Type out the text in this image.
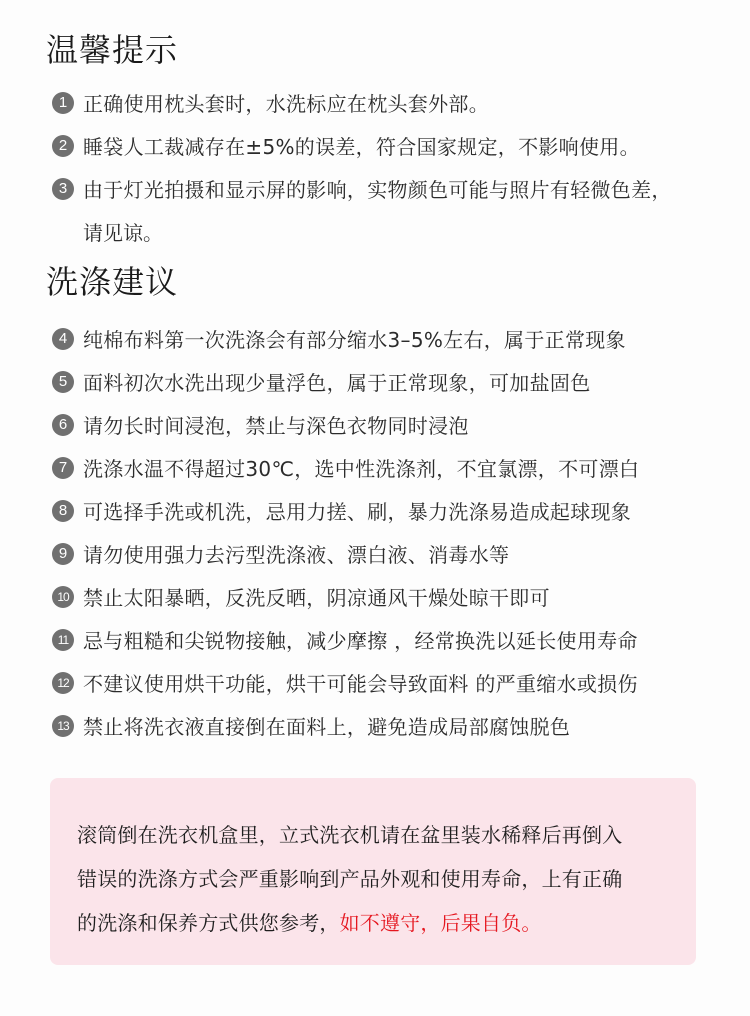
温馨提示
1 正确使用枕头套时，水洗标应在枕头套外部。
2 睡袋人工裁减存在±5%的误差，符合国家规定，不影响使用。
3 由于灯光拍摄和显示屏的影响，实物颜色可能与照片有轻微色差，
请见谅。
洗涤建议
4 纯棉布料第一次洗涤会有部分缩水3–5%左右，属于正常现象
5 面料初次水洗出现少量浮色，属于正常现象，可加盐固色
6 请勿长时间浸泡，禁止与深色衣物同时浸泡
7 洗涤水温不得超过30℃，选中性洗涤剂，不宜氯漂，不可漂白
8 可选择手洗或机洗，忌用力搓、刷，暴力洗涤易造成起球现象
9 请勿使用强力去污型洗涤液、漂白液、消毒水等
10 禁止太阳暴晒，反洗反晒，阴凉通风干燥处晾干即可
11 忌与粗糙和尖锐物接触，减少摩擦 ，经常换洗以延长使用寿命
12 不建议使用烘干功能，烘干可能会导致面料 的严重缩水或损伤
13 禁止将洗衣液直接倒在面料上，避免造成局部腐蚀脱色
滚筒倒在洗衣机盒里，立式洗衣机请在盆里装水稀释后再倒入
错误的洗涤方式会严重影响到产品外观和使用寿命，上有正确
的洗涤和保养方式供您参考，如不遵守，后果自负。
